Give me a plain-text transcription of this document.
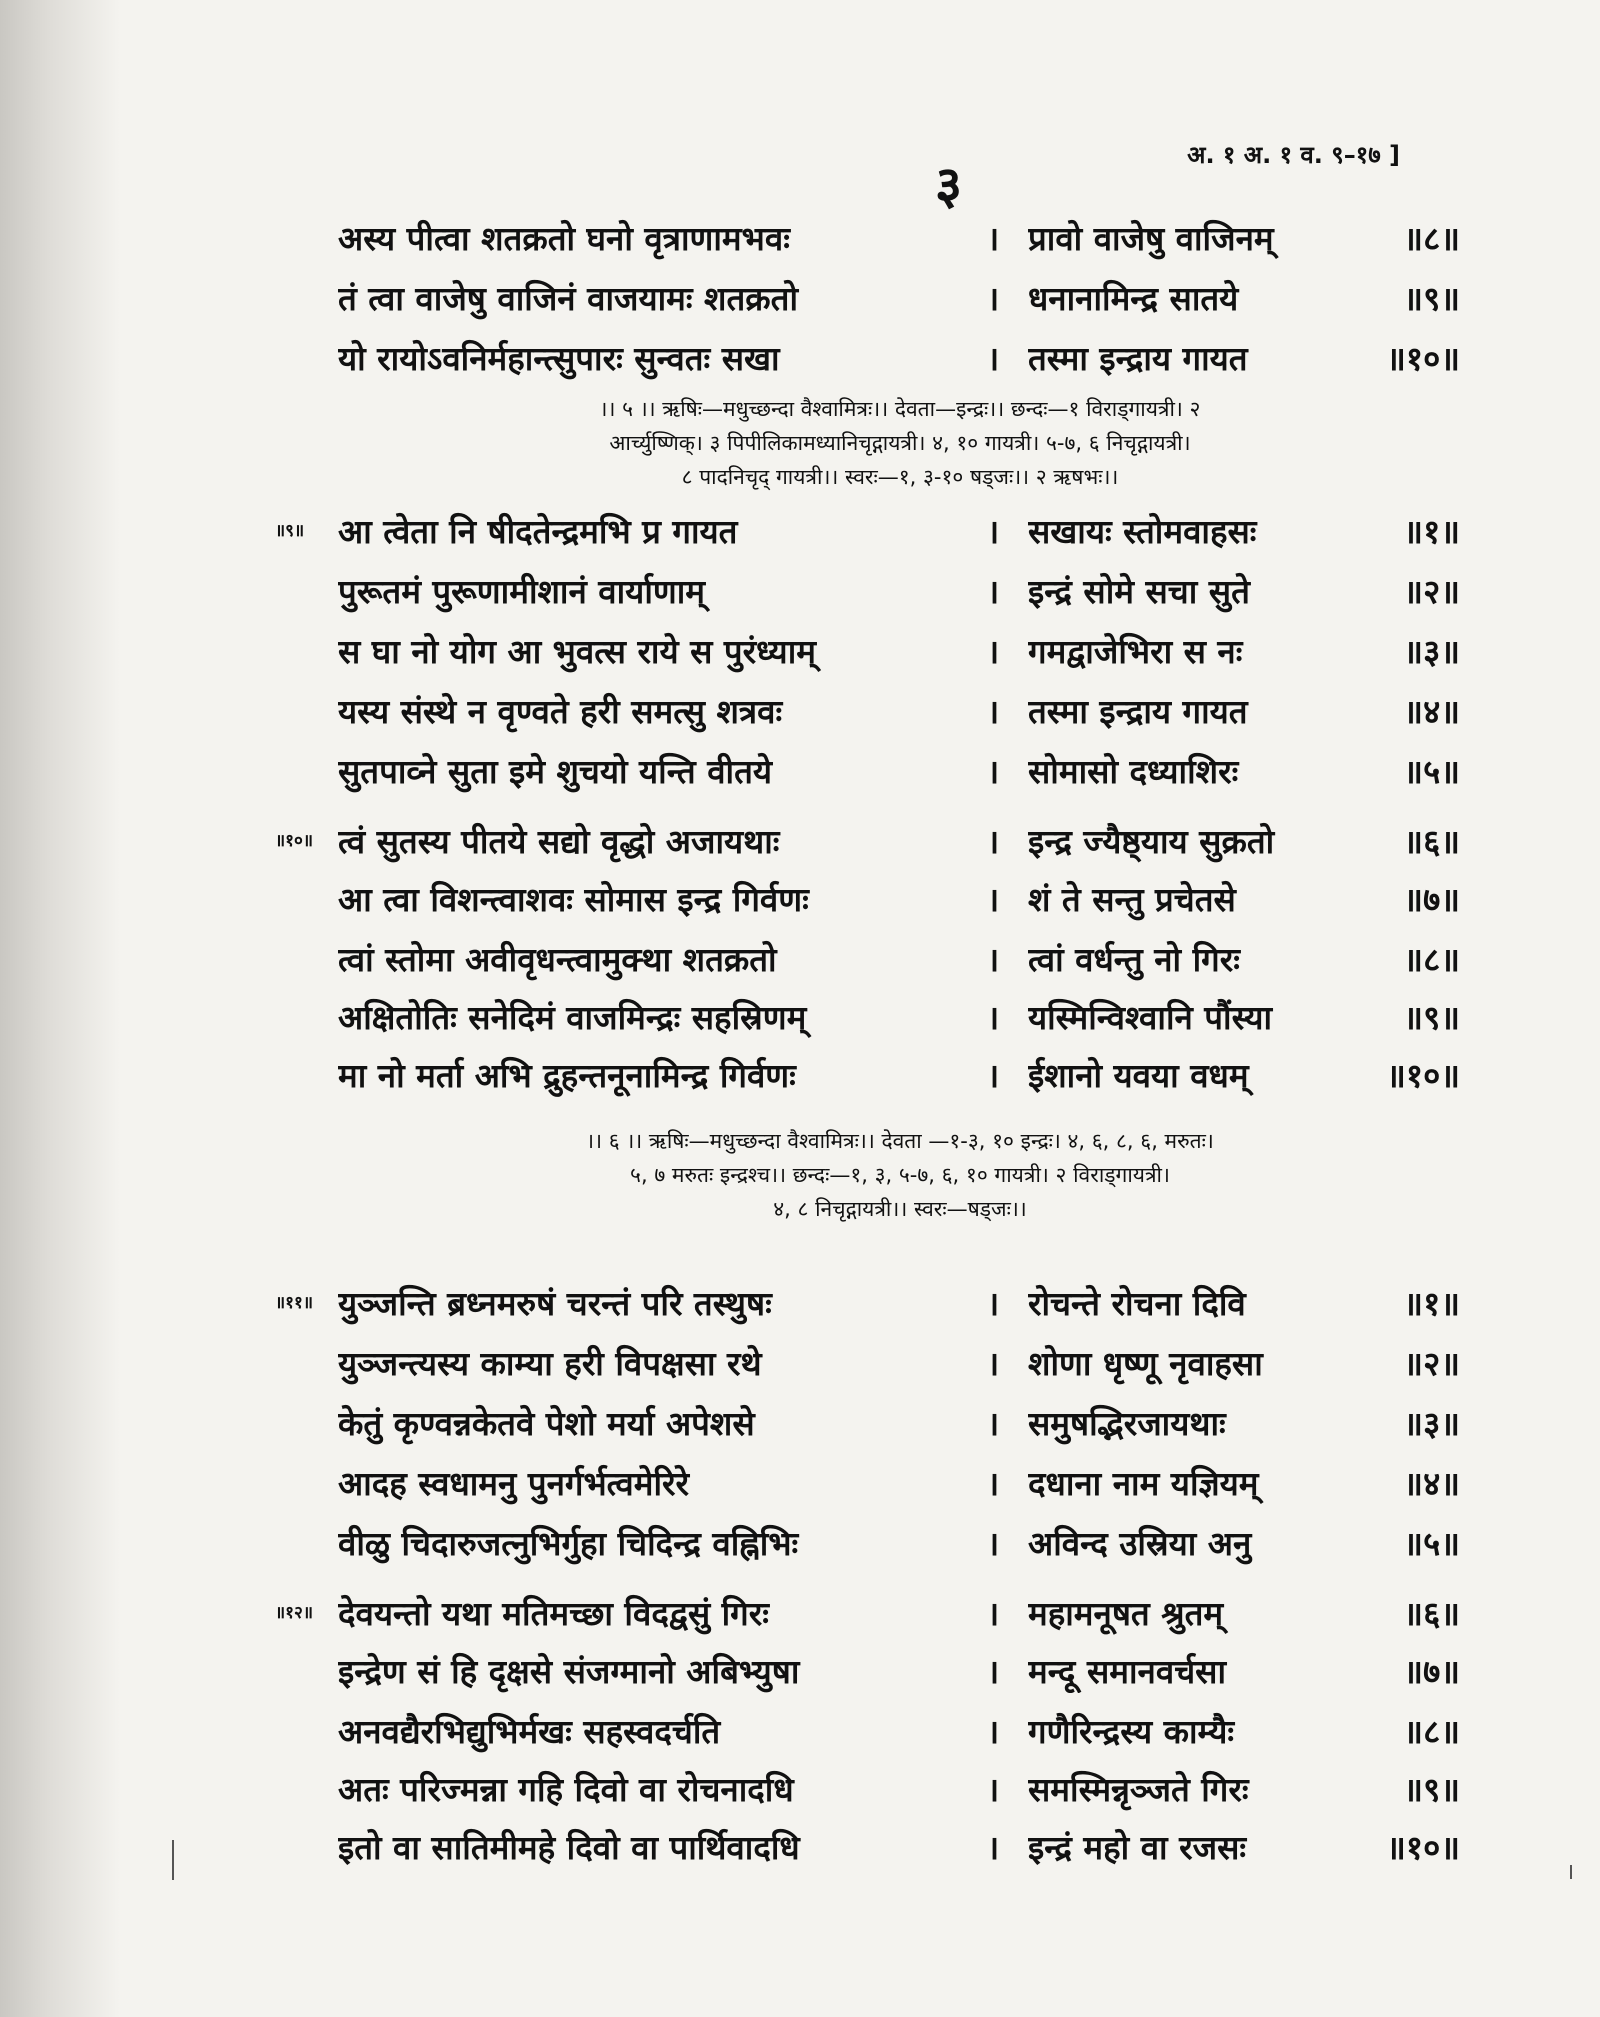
३
अ. १ अ. १ व. ९–१७ ]
अस्य पीत्वा शतक्रतो घनो वृत्राणामभवः	। प्रावो वाजेषु वाजिनम्	॥८॥
तं त्वा वाजेषु वाजिनं वाजयामः शतक्रतो	। धनानामिन्द्र सातये	॥९॥
यो रायोऽवनिर्महान्त्सुपारः सुन्वतः सखा	। तस्मा इन्द्राय गायत	॥१०॥
।। ५ ।। ऋषिः—मधुच्छन्दा वैश्वामित्रः।। देवता—इन्द्रः।। छन्दः—१ विराड्गायत्री। २
आर्च्युष्णिक्। ३ पिपीलिकामध्यानिचृद्गायत्री। ४, १० गायत्री। ५-७, ६ निचृद्गायत्री।
८ पादनिचृद् गायत्री।। स्वरः—१, ३-१० षड्जः।। २ ऋषभः।।
॥९॥ आ त्वेता नि षीदतेन्द्रमभि प्र गायत	। सखायः स्तोमवाहसः	॥१॥
पुरूतमं पुरूणामीशानं वार्याणाम्	। इन्द्रं सोमे सचा सुते	॥२॥
स घा नो योग आ भुवत्स राये स पुरंध्याम्	। गमद्वाजेभिरा स नः	॥३॥
यस्य संस्थे न वृण्वते हरी समत्सु शत्रवः	। तस्मा इन्द्राय गायत	॥४॥
सुतपाव्ने सुता इमे शुचयो यन्ति वीतये	। सोमासो दध्याशिरः	॥५॥
॥१०॥ त्वं सुतस्य पीतये सद्यो वृद्धो अजायथाः	। इन्द्र ज्यैष्ठ्याय सुक्रतो	॥६॥
आ त्वा विशन्त्वाशवः सोमास इन्द्र गिर्वणः	। शं ते सन्तु प्रचेतसे	॥७॥
त्वां स्तोमा अवीवृधन्त्वामुक्था शतक्रतो	। त्वां वर्धन्तु नो गिरः	॥८॥
अक्षितोतिः सनेदिमं वाजमिन्द्रः सहस्रिणम्	। यस्मिन्विश्वानि पौंस्या	॥९॥
मा नो मर्ता अभि द्रुहन्तनूनामिन्द्र गिर्वणः	। ईशानो यवया वधम्	॥१०॥
।। ६ ।। ऋषिः—मधुच्छन्दा वैश्वामित्रः।। देवता —१-३, १० इन्द्रः। ४, ६, ८, ६, मरुतः।
५, ७ मरुतः इन्द्रश्च।। छन्दः—१, ३, ५-७, ६, १० गायत्री। २ विराड्गायत्री।
४, ८ निचृद्गायत्री।। स्वरः—षड्जः।।
॥११॥ युञ्जन्ति ब्रध्नमरुषं चरन्तं परि तस्थुषः	। रोचन्ते रोचना दिवि	॥१॥
युञ्जन्त्यस्य काम्या हरी विपक्षसा रथे	। शोणा धृष्णू नृवाहसा	॥२॥
केतुं कृण्वन्नकेतवे पेशो मर्या अपेशसे	। समुषद्भिरजायथाः	॥३॥
आदह स्वधामनु पुनर्गर्भत्वमेरिरे	। दधाना नाम यज्ञियम्	॥४॥
वीळु चिदारुजत्नुभिर्गुहा चिदिन्द्र वह्निभिः	। अविन्द उस्रिया अनु	॥५॥
॥१२॥ देवयन्तो यथा मतिमच्छा विदद्वसुं गिरः	। महामनूषत श्रुतम्	॥६॥
इन्द्रेण सं हि दृक्षसे संजग्मानो अबिभ्युषा	। मन्दू समानवर्चसा	॥७॥
अनवद्यैरभिद्युभिर्मखः सहस्वदर्चति	। गणैरिन्द्रस्य काम्यैः	॥८॥
अतः परिज्मन्ना गहि दिवो वा रोचनादधि	। समस्मिन्नृञ्जते गिरः	॥९॥
इतो वा सातिमीमहे दिवो वा पार्थिवादधि	। इन्द्रं महो वा रजसः	॥१०॥
